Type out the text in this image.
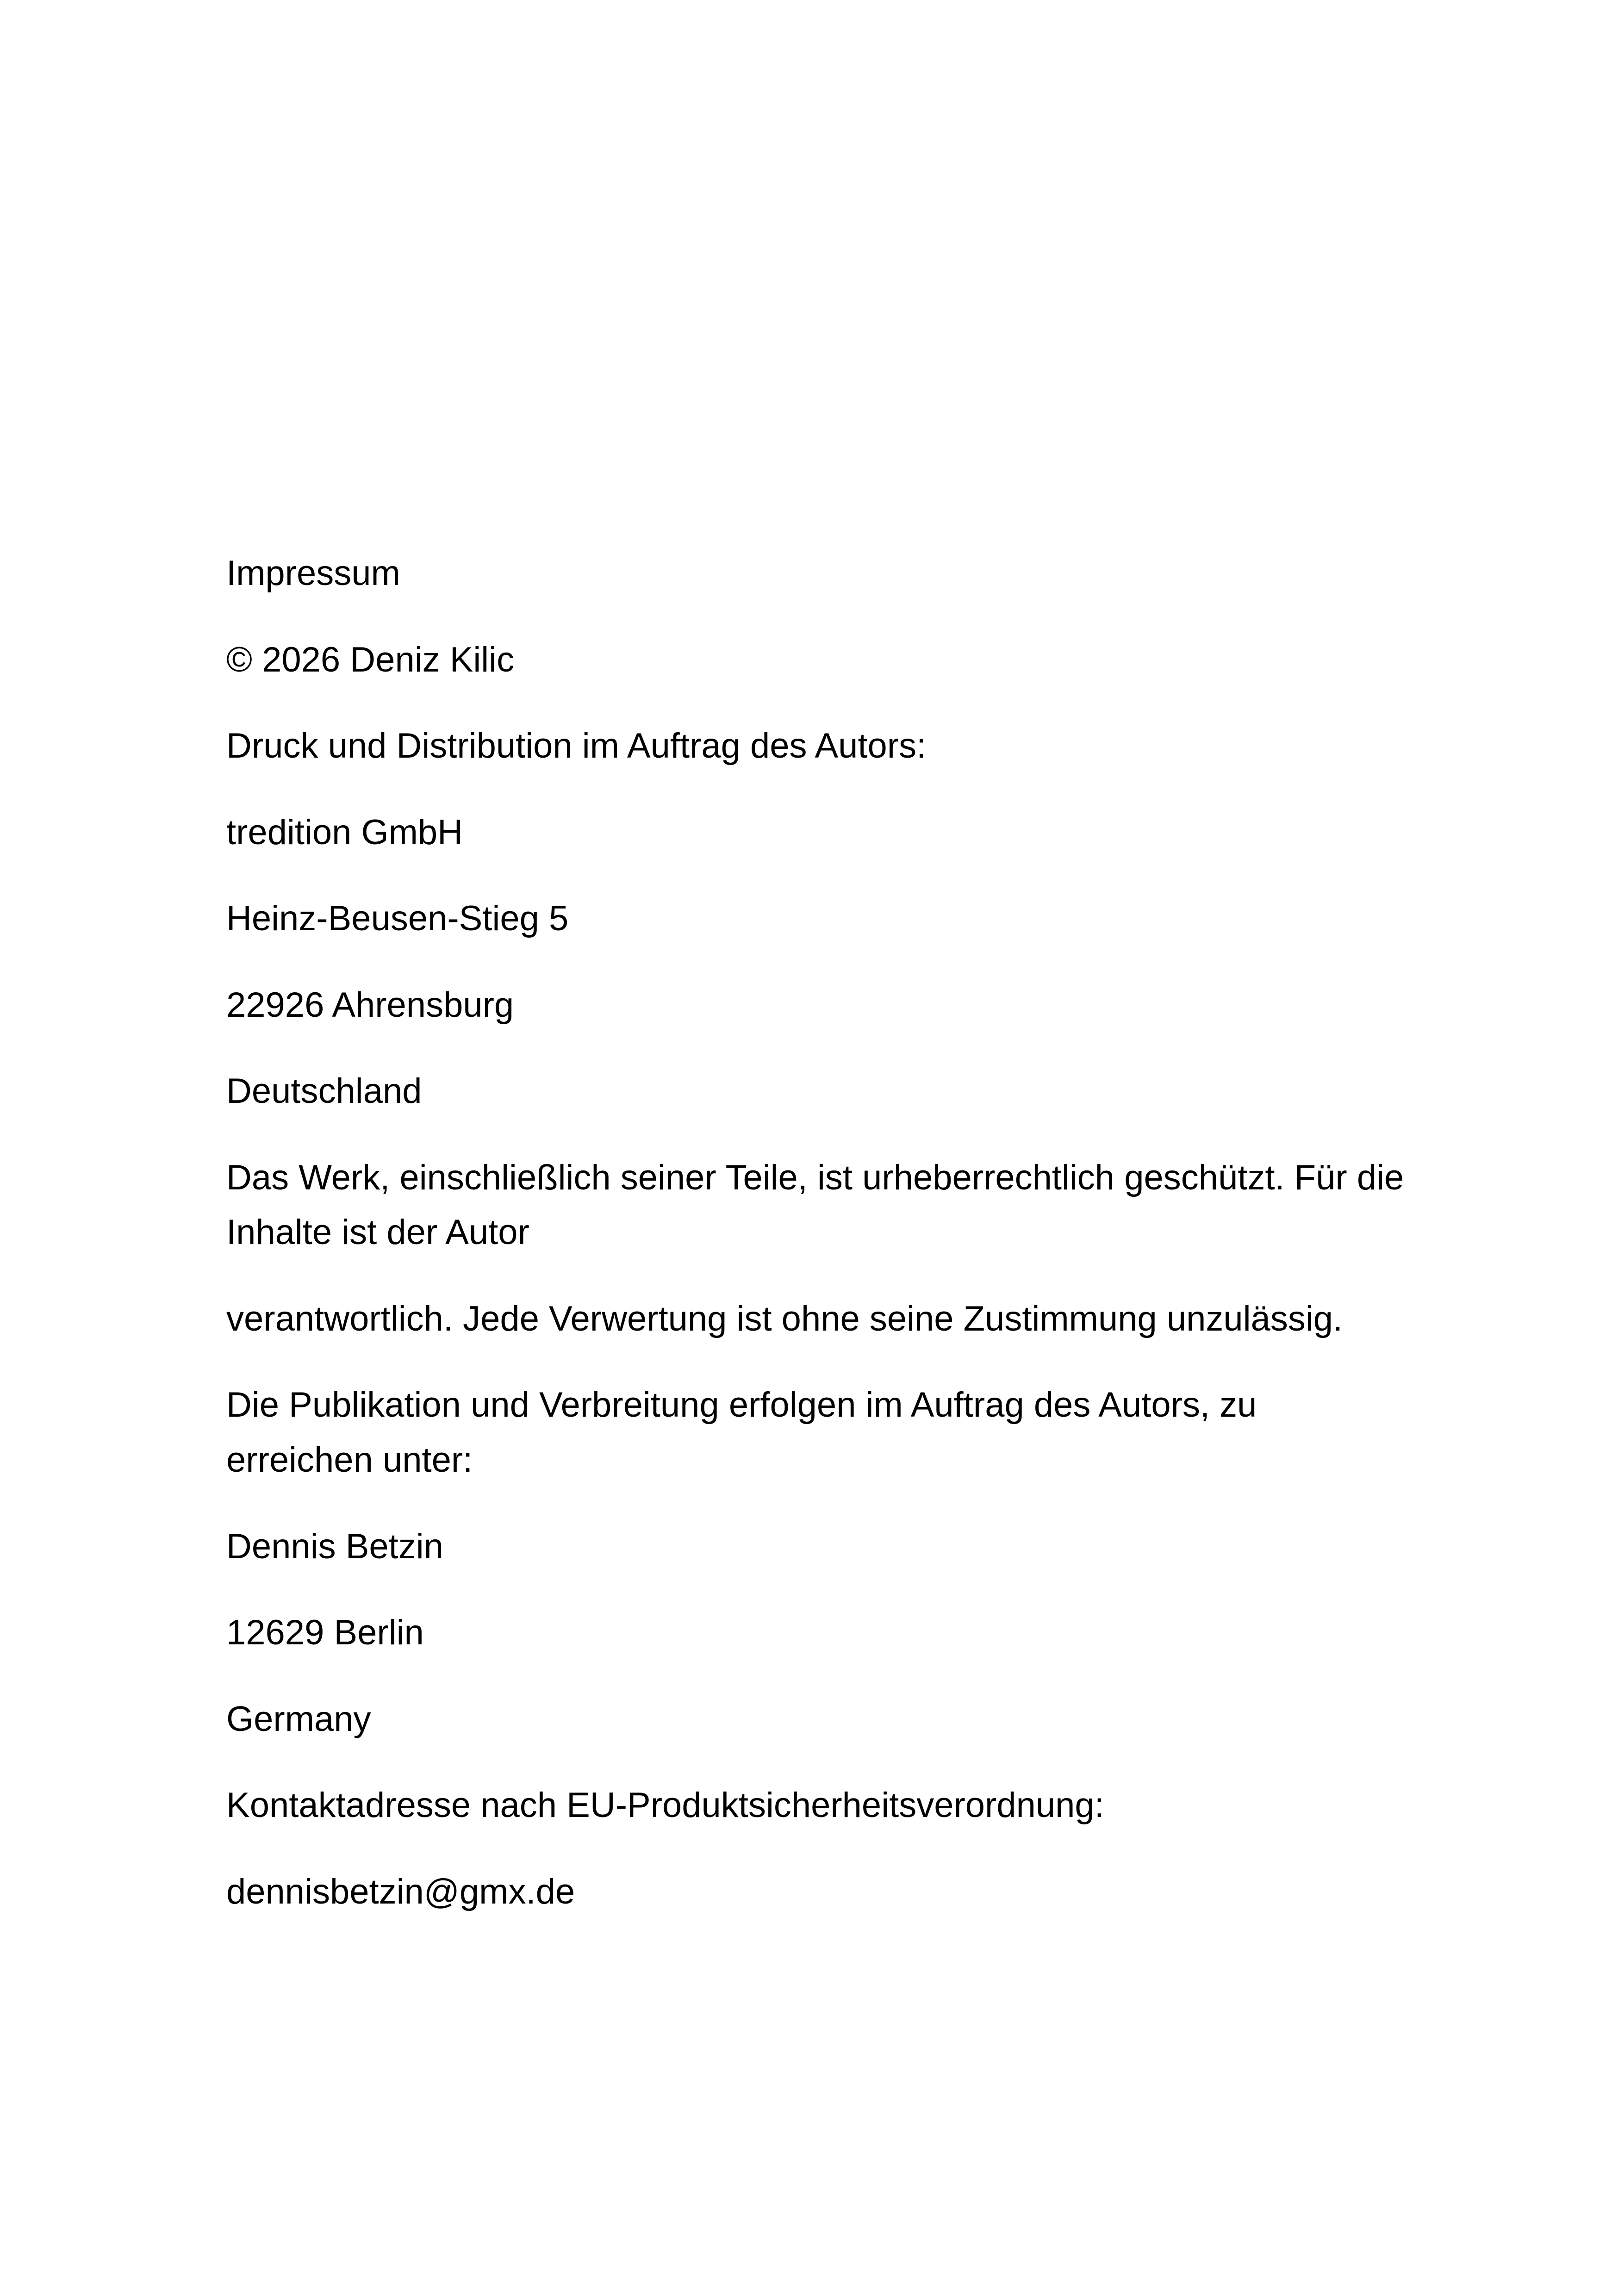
Impressum

© 2026 Deniz Kilic

Druck und Distribution im Auftrag des Autors:

tredition GmbH

Heinz-Beusen-Stieg 5

22926 Ahrensburg

Deutschland

Das Werk, einschließlich seiner Teile, ist urheberrechtlich geschützt. Für die Inhalte ist der Autor

verantwortlich. Jede Verwertung ist ohne seine Zustimmung unzulässig.

Die Publikation und Verbreitung erfolgen im Auftrag des Autors, zu erreichen unter:

Dennis Betzin

12629 Berlin

Germany

Kontaktadresse nach EU-Produktsicherheitsverordnung:

dennisbetzin@gmx.de
